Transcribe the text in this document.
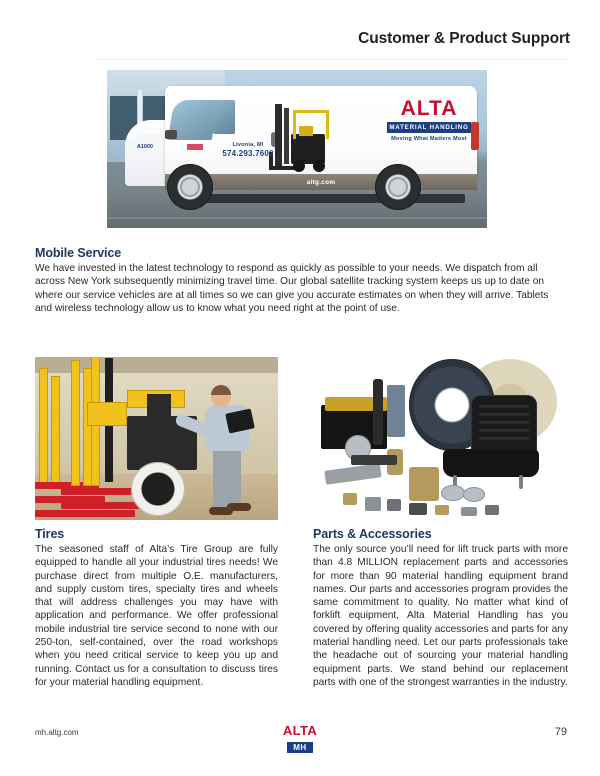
Customer & Product Support
ALTA
MATERIAL HANDLING
Moving What Matters Most
A1000	Livonia, MI
574.293.7600
altg.com
Mobile Service

We have invested in the latest technology to respond as quickly as possible to your needs. We dispatch from all across New York subsequently minimizing travel time. Our global satellite tracking system keeps us up to date on where our service vehicles are at all times so we can give you accurate estimates on when they will arrive. Tablets and wireless technology allow us to know what you need right at the point of use.

Tires

The seasoned staff of Alta’s Tire Group are fully equipped to handle all your industrial tires needs! We purchase direct from multiple O.E. manufacturers, and supply custom tires, specialty tires and wheels that will address challenges you may have with application and performance. We offer professional mobile industrial tire service second to none with our 250-ton, self-contained, over the road workshops when you need critical service to keep you up and running. Contact us for a consultation to discuss tires for your material handling equipment.

Parts & Accessories

The only source you’ll need for lift truck parts with more than 4.8 MILLION replacement parts and accessories for more than 90 material handling equipment brand names. Our parts and accessories program provides the same commitment to quality. No matter what kind of forklift equipment, Alta Material Handling has you covered by offering quality accessories and parts for any material handling need. Let our parts professionals take the headache out of sourcing your material handling equipment parts. We stand behind our replacement parts with one of the strongest warranties in the industry.

mh.altg.com	ALTA
MH
79
